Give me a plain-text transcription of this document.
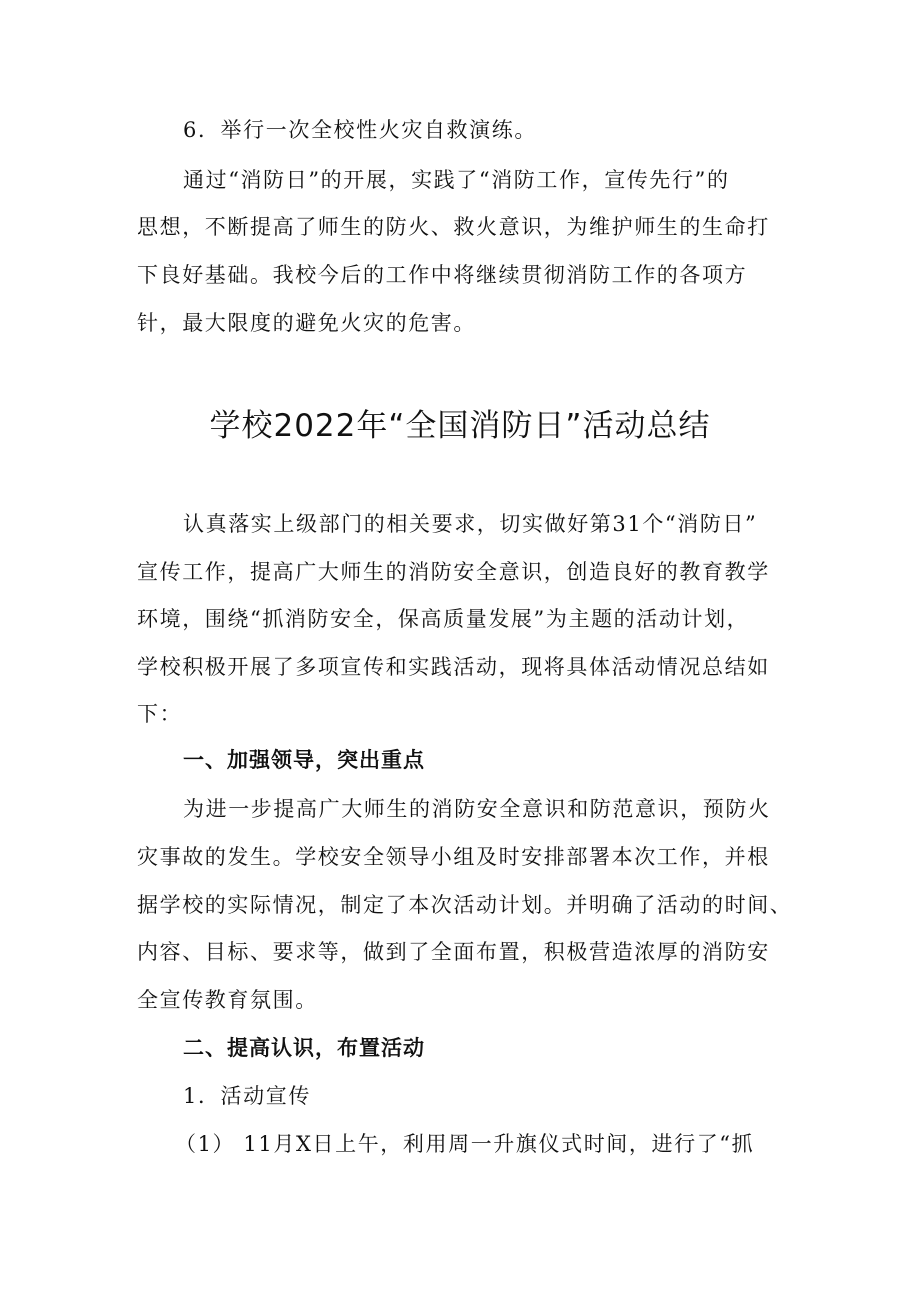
6．举行一次全校性火灾自救演练。

通过“消防日”的开展，实践了“消防工作，宣传先行”的

思想，不断提高了师生的防火、救火意识，为维护师生的生命打

下良好基础。我校今后的工作中将继续贯彻消防工作的各项方

针，最大限度的避免火灾的危害。

学校2022年“全国消防日”活动总结

认真落实上级部门的相关要求，切实做好第31个“消防日”

宣传工作，提高广大师生的消防安全意识，创造良好的教育教学

环境，围绕“抓消防安全，保高质量发展”为主题的活动计划，

学校积极开展了多项宣传和实践活动，现将具体活动情况总结如

下：

一、加强领导，突出重点

为进一步提高广大师生的消防安全意识和防范意识，预防火

灾事故的发生。学校安全领导小组及时安排部署本次工作，并根

据学校的实际情况，制定了本次活动计划。并明确了活动的时间、

内容、目标、要求等，做到了全面布置，积极营造浓厚的消防安

全宣传教育氛围。

二、提高认识，布置活动

1．活动宣传

（1） 11月X日上午，利用周一升旗仪式时间，进行了“抓
